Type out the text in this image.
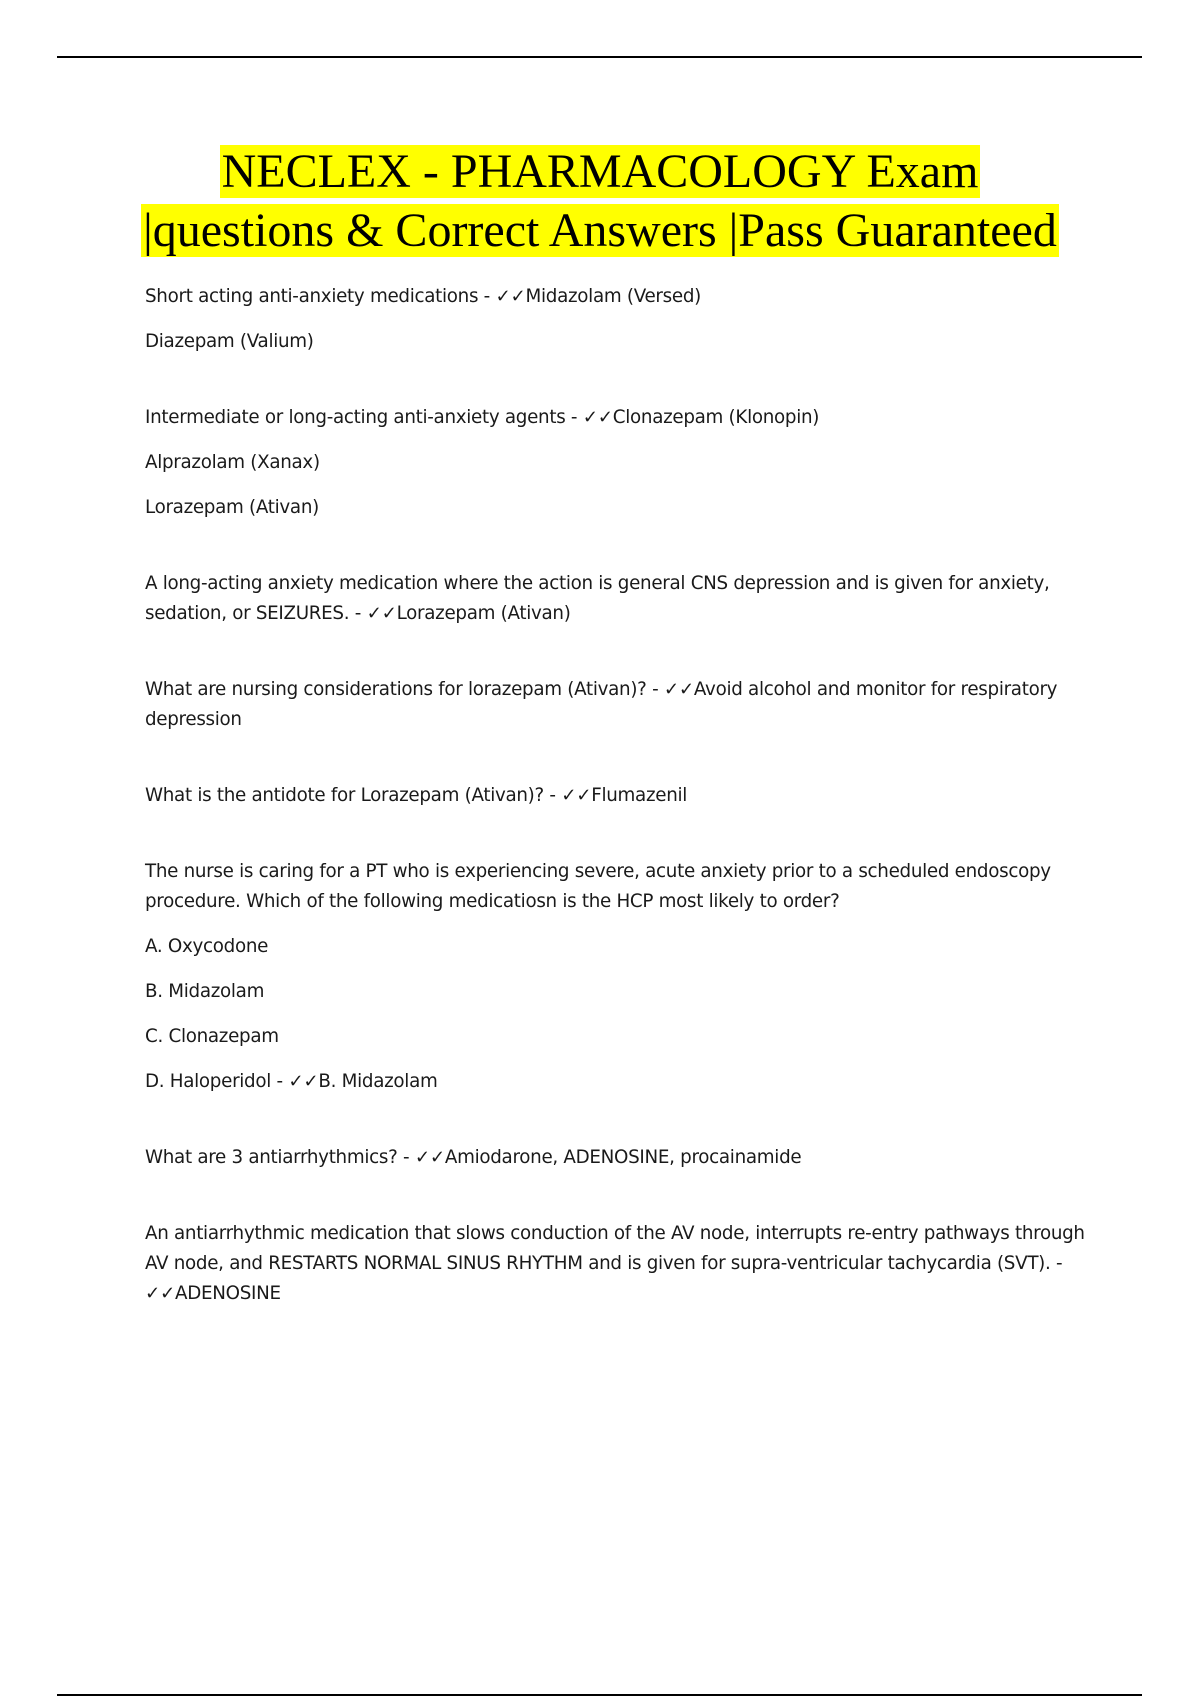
NECLEX - PHARMACOLOGY Exam
|questions & Correct Answers |Pass Guaranteed

Short acting anti-anxiety medications - ✓✓Midazolam (Versed)

Diazepam (Valium)

Intermediate or long-acting anti-anxiety agents - ✓✓Clonazepam (Klonopin)

Alprazolam (Xanax)

Lorazepam (Ativan)

A long-acting anxiety medication where the action is general CNS depression and is given for anxiety, sedation, or SEIZURES. - ✓✓Lorazepam (Ativan)

What are nursing considerations for lorazepam (Ativan)? - ✓✓Avoid alcohol and monitor for respiratory depression

What is the antidote for Lorazepam (Ativan)? - ✓✓Flumazenil

The nurse is caring for a PT who is experiencing severe, acute anxiety prior to a scheduled endoscopy procedure. Which of the following medicatiosn is the HCP most likely to order?

A. Oxycodone

B. Midazolam

C. Clonazepam

D. Haloperidol - ✓✓B. Midazolam

What are 3 antiarrhythmics? - ✓✓Amiodarone, ADENOSINE, procainamide

An antiarrhythmic medication that slows conduction of the AV node, interrupts re-entry pathways through AV node, and RESTARTS NORMAL SINUS RHYTHM and is given for supra-ventricular tachycardia (SVT). - ✓✓ADENOSINE
